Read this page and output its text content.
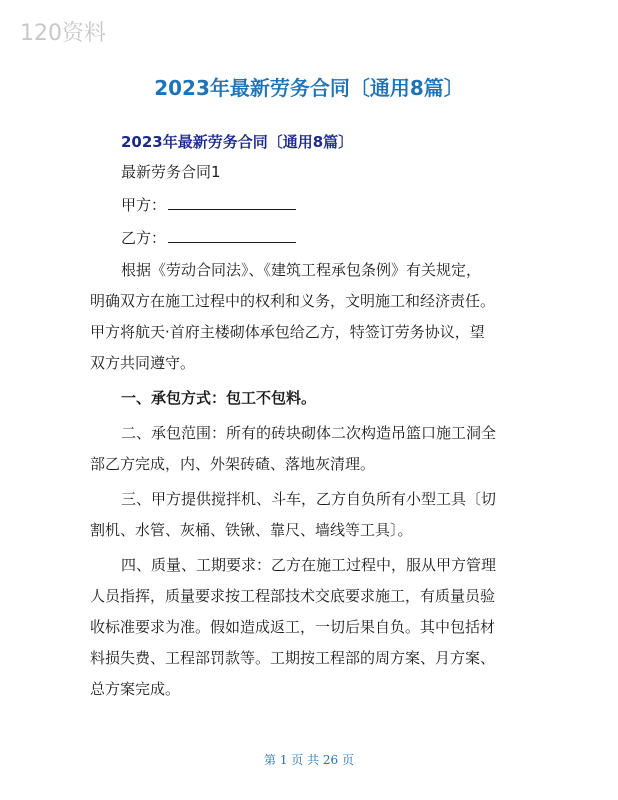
120资料
2023年最新劳务合同〔通用8篇〕
2023年最新劳务合同〔通用8篇〕
最新劳务合同1
甲方：
乙方：
根据《劳动合同法》、《建筑工程承包条例》有关规定，
明确双方在施工过程中的权利和义务，文明施工和经济责任。
甲方将航天·首府主楼砌体承包给乙方，特签订劳务协议，望
双方共同遵守。
一、承包方式：包工不包料。
二、承包范围：所有的砖块砌体二次构造吊篮口施工洞全
部乙方完成，内、外架砖碴、落地灰清理。
三、甲方提供搅拌机、斗车，乙方自负所有小型工具〔切
割机、水管、灰桶、铁锹、靠尺、墙线等工具〕。
四、质量、工期要求：乙方在施工过程中，服从甲方管理
人员指挥，质量要求按工程部技术交底要求施工，有质量员验
收标准要求为准。假如造成返工，一切后果自负。其中包括材
料损失费、工程部罚款等。工期按工程部的周方案、月方案、
总方案完成。
第 1 页 共 26 页
